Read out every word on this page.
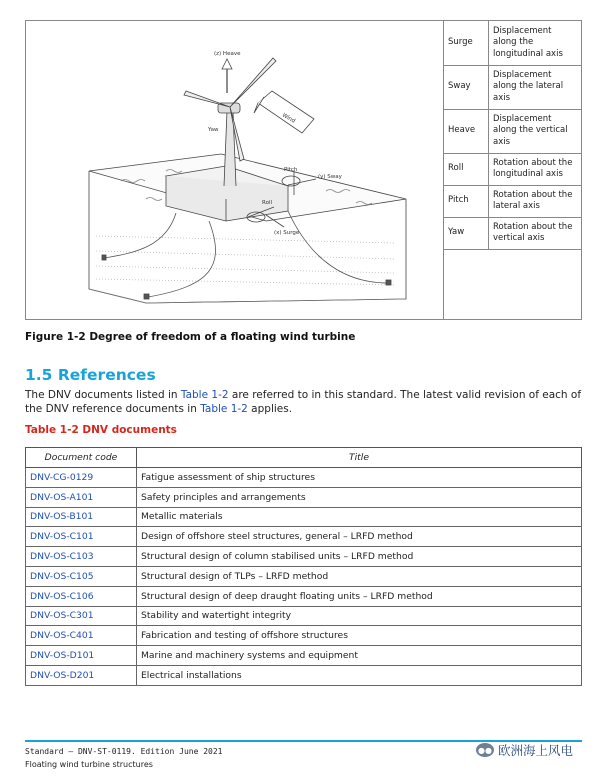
(z) Heave
Wind
Yaw
Pitch
(y) Sway
Roll
(x) Surge
Surge	Displacement along the longitudinal axis
Sway	Displacement along the lateral axis
Heave	Displacement along the vertical axis
Roll	Rotation about the longitudinal axis
Pitch	Rotation about the lateral axis
Yaw	Rotation about the vertical axis
Figure 1-2 Degree of freedom of a floating wind turbine
1.5 References
The DNV documents listed in Table 1-2 are referred to in this standard. The latest valid revision of each of the DNV reference documents in Table 1-2 applies.
Table 1-2 DNV documents
Document code	Title
DNV-CG-0129	Fatigue assessment of ship structures
DNV-OS-A101	Safety principles and arrangements
DNV-OS-B101	Metallic materials
DNV-OS-C101	Design of offshore steel structures, general – LRFD method
DNV-OS-C103	Structural design of column stabilised units – LRFD method
DNV-OS-C105	Structural design of TLPs – LRFD method
DNV-OS-C106	Structural design of deep draught floating units – LRFD method
DNV-OS-C301	Stability and watertight integrity
DNV-OS-C401	Fabrication and testing of offshore structures
DNV-OS-D101	Marine and machinery systems and equipment
DNV-OS-D201	Electrical installations
Standard — DNV-ST-0119. Edition June 2021
Floating wind turbine structures
●● 欧洲海上风电
